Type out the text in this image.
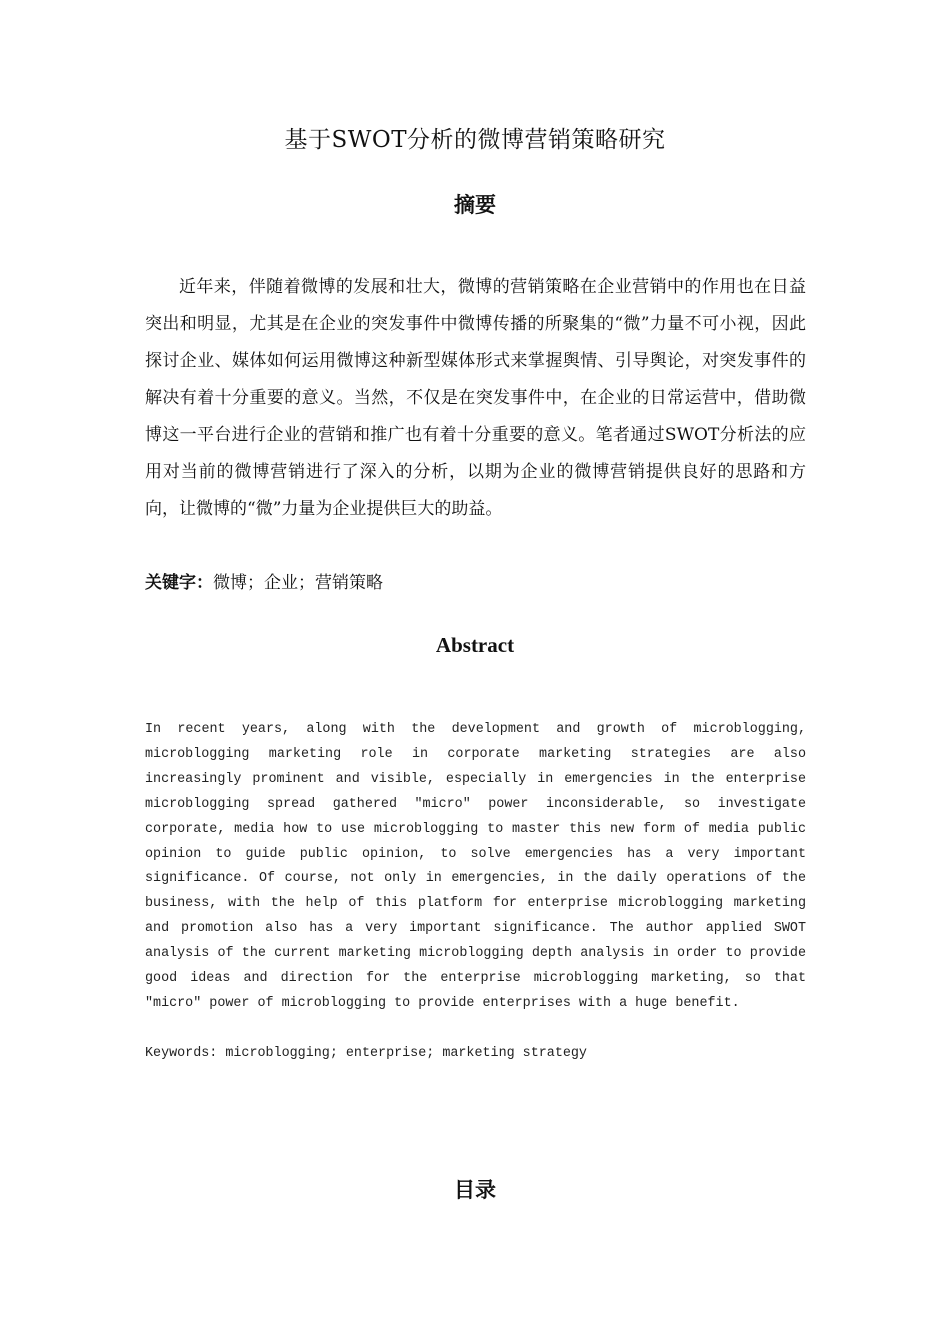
基于SWOT分析的微博营销策略研究
摘要

近年来，伴随着微博的发展和壮大，微博的营销策略在企业营销中的作用也在日益突出和明显，尤其是在企业的突发事件中微博传播的所聚集的“微”力量不可小视，因此探讨企业、媒体如何运用微博这种新型媒体形式来掌握舆情、引导舆论，对突发事件的解决有着十分重要的意义。当然，不仅是在突发事件中，在企业的日常运营中，借助微博这一平台进行企业的营销和推广也有着十分重要的意义。笔者通过SWOT分析法的应用对当前的微博营销进行了深入的分析，以期为企业的微博营销提供良好的思路和方向，让微博的“微”力量为企业提供巨大的助益。

关键字：微博；企业；营销策略
Abstract

In recent years, along with the development and growth of microblogging, microblogging marketing role in corporate marketing strategies are also increasingly prominent and visible, especially in emergencies in the enterprise microblogging spread gathered "micro" power inconsiderable, so investigate corporate, media how to use microblogging to master this new form of media public opinion to guide public opinion, to solve emergencies has a very important significance. Of course, not only in emergencies, in the daily operations of the business, with the help of this platform for enterprise microblogging marketing and promotion also has a very important significance. The author applied SWOT analysis of the current marketing microblogging depth analysis in order to provide good ideas and direction for the enterprise microblogging marketing, so that "micro" power of microblogging to provide enterprises with a huge benefit.

Keywords: microblogging; enterprise; marketing strategy
目录
